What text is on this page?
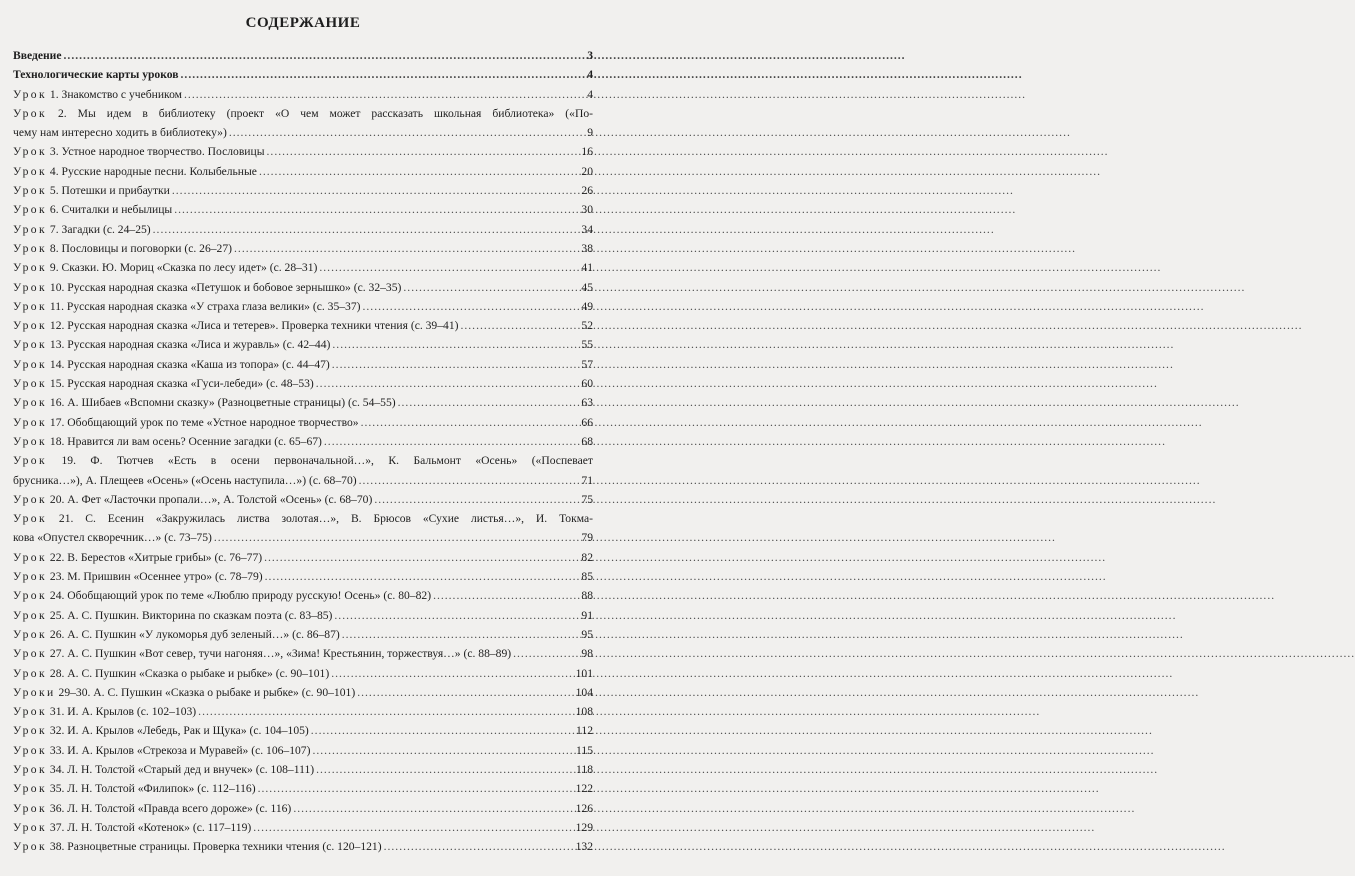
СОДЕРЖАНИЕ
Введение .....	3
Технологические карты уроков .....	4
Урок 1. Знакомство с учебником .....	4
Урок 2. Мы идем в библиотеку (проект «О чем может рассказать школьная библиотека» («По-
чему нам интересно ходить в библиотеку») .....	9
Урок 3. Устное народное творчество. Пословицы .....	16
Урок 4. Русские народные песни. Колыбельные .....	20
Урок 5. Потешки и прибаутки .....	26
Урок 6. Считалки и небылицы .....	30
Урок 7. Загадки (с. 24–25) .....	34
Урок 8. Пословицы и поговорки (с. 26–27) .....	38
Урок 9. Сказки. Ю. Мориц «Сказка по лесу идет» (с. 28–31) .....	41
Урок 10. Русская народная сказка «Петушок и бобовое зернышко» (с. 32–35) .....	45
Урок 11. Русская народная сказка «У страха глаза велики» (с. 35–37) .....	49
Урок 12. Русская народная сказка «Лиса и тетерев». Проверка техники чтения (с. 39–41) .....	52
Урок 13. Русская народная сказка «Лиса и журавль» (с. 42–44) .....	55
Урок 14. Русская народная сказка «Каша из топора» (с. 44–47) .....	57
Урок 15. Русская народная сказка «Гуси-лебеди» (с. 48–53) .....	60
Урок 16. А. Шибаев «Вспомни сказку» (Разноцветные страницы) (с. 54–55) .....	63
Урок 17. Обобщающий урок по теме «Устное народное творчество» .....	66
Урок 18. Нравится ли вам осень? Осенние загадки (с. 65–67) .....	68
Урок 19. Ф. Тютчев «Есть в осени первоначальной…», К. Бальмонт «Осень» («Поспевает
брусника…»), А. Плещеев «Осень» («Осень наступила…») (с. 68–70) .....	71
Урок 20. А. Фет «Ласточки пропали…», А. Толстой «Осень» (с. 68–70) .....	75
Урок 21. С. Есенин «Закружилась листва золотая…», В. Брюсов «Сухие листья…», И. Токма-
кова «Опустел скворечник…» (с. 73–75) .....	79
Урок 22. В. Берестов «Хитрые грибы» (с. 76–77) .....	82
Урок 23. М. Пришвин «Осеннее утро» (с. 78–79) .....	85
Урок 24. Обобщающий урок по теме «Люблю природу русскую! Осень» (с. 80–82) .....	88
Урок 25. А. С. Пушкин. Викторина по сказкам поэта (с. 83–85) .....	91
Урок 26. А. С. Пушкин «У лукоморья дуб зеленый…» (с. 86–87) .....	95
Урок 27. А. С. Пушкин «Вот север, тучи нагоняя…», «Зима! Крестьянин, торжествуя…» (с. 88–89) .....	98
Урок 28. А. С. Пушкин «Сказка о рыбаке и рыбке» (с. 90–101) .....	101
Уроки 29–30. А. С. Пушкин «Сказка о рыбаке и рыбке» (с. 90–101) .....	104
Урок 31. И. А. Крылов (с. 102–103) .....	108
Урок 32. И. А. Крылов «Лебедь, Рак и Щука» (с. 104–105) .....	112
Урок 33. И. А. Крылов «Стрекоза и Муравей» (с. 106–107) .....	115
Урок 34. Л. Н. Толстой «Старый дед и внучек» (с. 108–111) .....	118
Урок 35. Л. Н. Толстой «Филипок» (с. 112–116) .....	122
Урок 36. Л. Н. Толстой «Правда всего дороже» (с. 116) .....	126
Урок 37. Л. Н. Толстой «Котенок» (с. 117–119) .....	129
Урок 38. Разноцветные страницы. Проверка техники чтения (с. 120–121) .....	132
